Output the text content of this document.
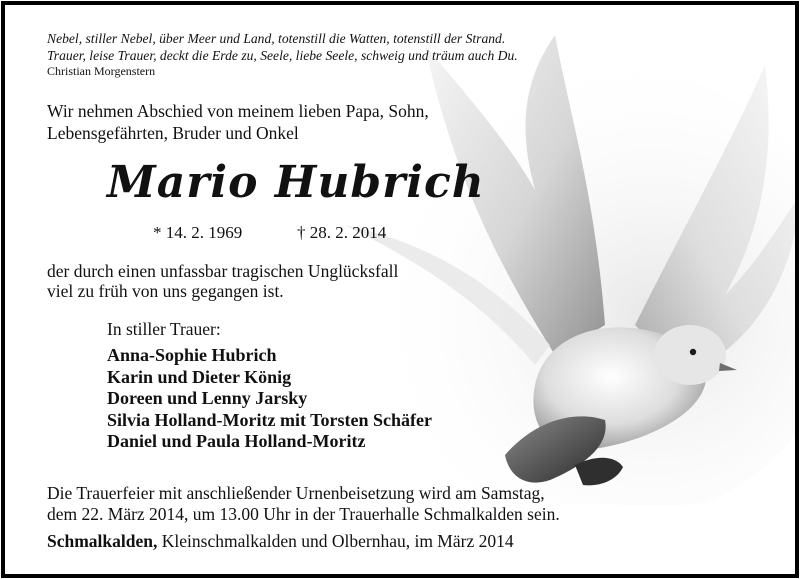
Nebel, stiller Nebel, über Meer und Land, totenstill die Watten, totenstill der Strand.
Trauer, leise Trauer, deckt die Erde zu, Seele, liebe Seele, schweig und träum auch Du.
Christian Morgenstern
Wir nehmen Abschied von meinem lieben Papa, Sohn,
Lebensgefährten, Bruder und Onkel
Mario Hubrich
* 14. 2. 1969	† 28. 2. 2014
der durch einen unfassbar tragischen Unglücksfall
viel zu früh von uns gegangen ist.
In stiller Trauer:
Anna-Sophie Hubrich
Karin und Dieter König
Doreen und Lenny Jarsky
Silvia Holland-Moritz mit Torsten Schäfer
Daniel und Paula Holland-Moritz
Die Trauerfeier mit anschließender Urnenbeisetzung wird am Samstag,
dem 22. März 2014, um 13.00 Uhr in der Trauerhalle Schmalkalden sein.
Schmalkalden, Kleinschmalkalden und Olbernhau, im März 2014
